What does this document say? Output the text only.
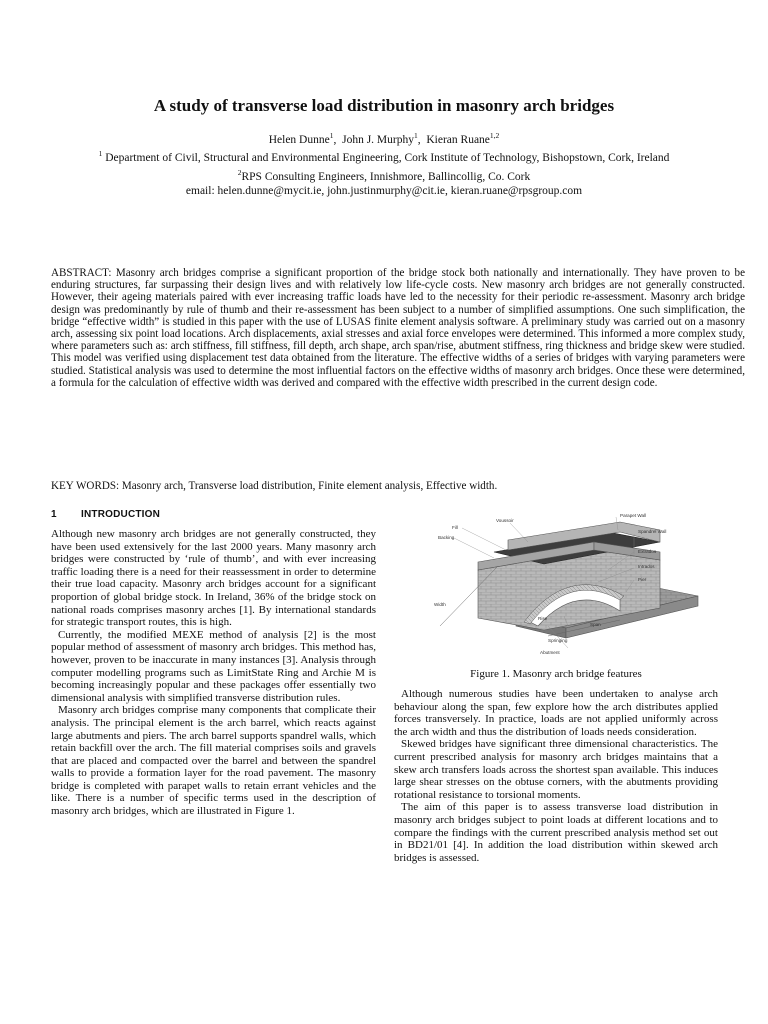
A study of transverse load distribution in masonry arch bridges
Helen Dunne$^1$,  John J. Murphy$^1$,  Kieran Ruane$^{1,2}$
$^1$ Department of Civil, Structural and Environmental Engineering, Cork Institute of Technology, Bishopstown, Cork, Ireland
$^2$RPS Consulting Engineers, Innishmore, Ballincollig, Co. Cork
email: helen.dunne@mycit.ie, john.justinmurphy@cit.ie, kieran.ruane@rpsgroup.com

ABSTRACT: Masonry arch bridges comprise a significant proportion of the bridge stock both nationally and internationally. They have proven to be enduring structures, far surpassing their design lives and with relatively low life-cycle costs. New masonry arch bridges are not generally constructed. However, their ageing materials paired with ever increasing traffic loads have led to the necessity for their periodic re-assessment. Masonry arch bridge design was predominantly by rule of thumb and their re-assessment has been subject to a number of simplified assumptions. One such simplification, the bridge “effective width” is studied in this paper with the use of LUSAS finite element analysis software. A preliminary study was carried out on a masonry arch, assessing six point load locations. Arch displacements, axial stresses and axial force envelopes were determined. This informed a more complex study, where parameters such as: arch stiffness, fill stiffness, fill depth, arch shape, arch span/rise, abutment stiffness, ring thickness and bridge skew were studied. This model was verified using displacement test data obtained from the literature. The effective widths of a series of bridges with varying parameters were studied. Statistical analysis was used to determine the most influential factors on the effective widths of masonry arch bridges. Once these were determined, a formula for the calculation of effective width was derived and compared with the effective width prescribed in the current design code.

KEY WORDS: Masonry arch, Transverse load distribution, Finite element analysis, Effective width.

1 INTRODUCTION

Although new masonry arch bridges are not generally constructed, they have been used extensively for the last 2000 years. Many masonry arch bridges were constructed by ‘rule of thumb’, and with ever increasing traffic loading there is a need for their reassessment in order to determine their true load capacity. Masonry arch bridges account for a significant proportion of global bridge stock. In Ireland, 36% of the bridge stock on national roads comprises masonry arches [1]. By international standards for strategic transport routes, this is high.

Currently, the modified MEXE method of analysis [2] is the most popular method of assessment of masonry arch bridges. This method has, however, proven to be inaccurate in many instances [3]. Analysis through computer modelling programs such as LimitState Ring and Archie M is becoming increasingly popular and these packages offer essentially two dimensional analysis with simplified transverse distribution rules.

Masonry arch bridges comprise many components that complicate their analysis. The principal element is the arch barrel, which reacts against large abutments and piers. The arch barrel supports spandrel walls, which retain backfill over the arch. The fill material comprises soils and gravels that are placed and compacted over the barrel and between the spandrel walls to provide a formation layer for the road pavement. The masonry bridge is completed with parapet walls to retain errant vehicles and the like. There is a number of specific terms used in the description of masonry arch bridges, which are illustrated in Figure 1.

Voussoir
Parapet Wall
Fill
Spandrel Wall
Backing
Extrados
Intrados
Pier
Width
Rise
Span
Springing
Abutment

Figure 1. Masonry arch bridge features

Although numerous studies have been undertaken to analyse arch behaviour along the span, few explore how the arch distributes applied forces transversely. In practice, loads are not applied uniformly across the arch width and thus the distribution of loads needs consideration.

Skewed bridges have significant three dimensional characteristics. The current prescribed analysis for masonry arch bridges maintains that a skew arch transfers loads across the shortest span available. This induces large shear stresses on the obtuse corners, with the abutments providing rotational resistance to torsional moments.

The aim of this paper is to assess transverse load distribution in masonry arch bridges subject to point loads at different locations and to compare the findings with the current prescribed analysis method set out in BD21/01 [4]. In addition the load distribution within skewed arch bridges is assessed.
